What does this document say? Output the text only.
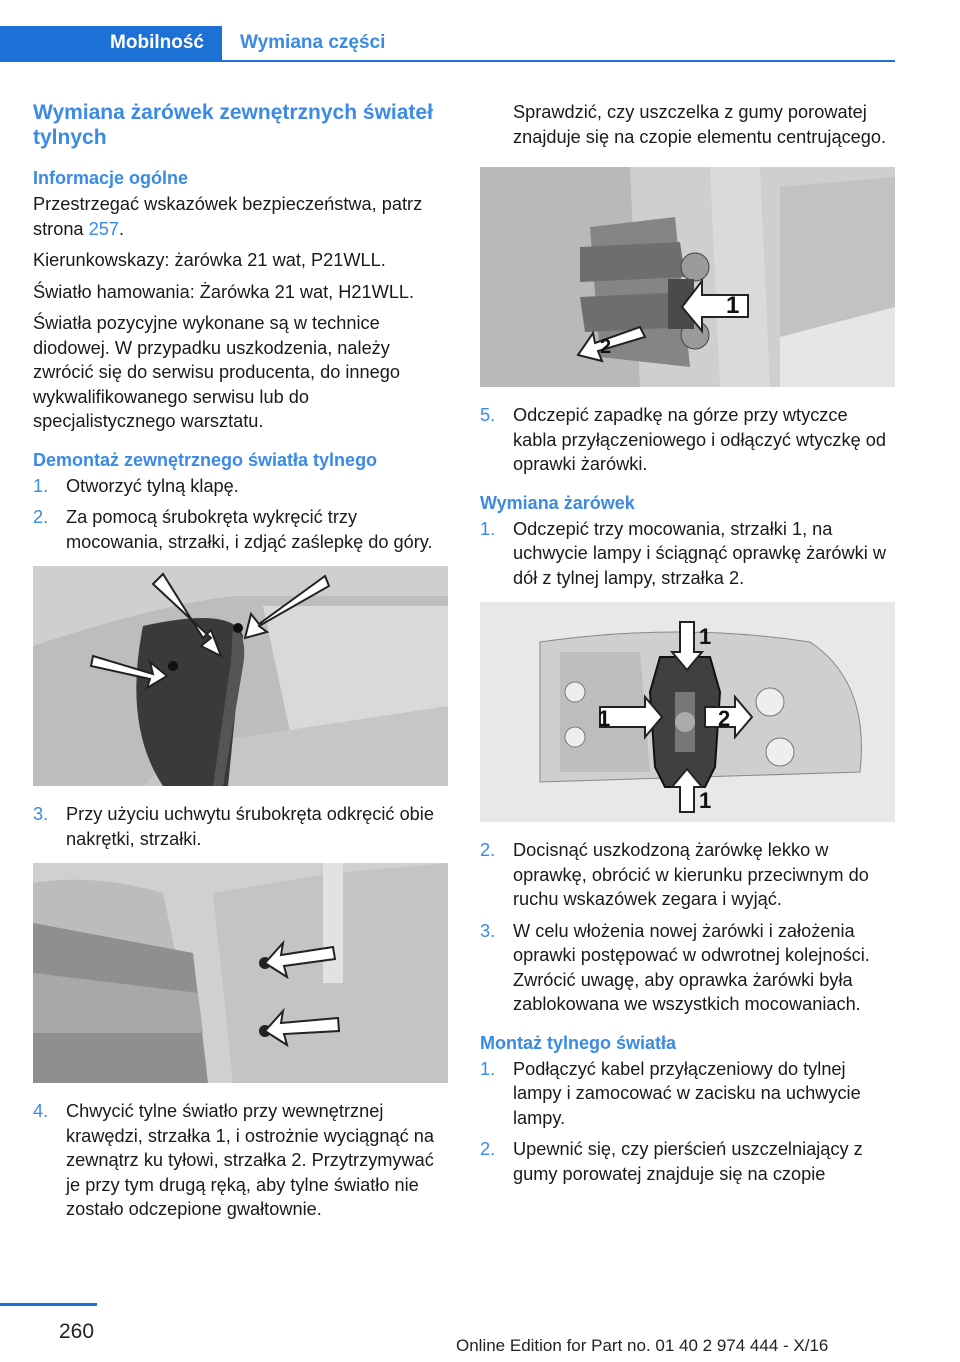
Mobilność	Wymiana części
Wymiana żarówek zewnętrznych świateł tylnych
Informacje ogólne
Przestrzegać wskazówek bezpieczeństwa, patrz strona 257.
Kierunkowskazy: żarówka 21 wat, P21WLL.
Światło hamowania: Żarówka 21 wat, H21WLL.
Światła pozycyjne wykonane są w technice diodowej. W przypadku uszkodzenia, należy zwrócić się do serwisu producenta, do innego wykwalifikowanego serwisu lub do specjalistycznego warsztatu.
Demontaż zewnętrznego światła tylnego
1. Otworzyć tylną klapę.
2. Za pomocą śrubokręta wykręcić trzy mocowania, strzałki, i zdjąć zaślepkę do góry.
3. Przy użyciu uchwytu śrubokręta odkręcić obie nakrętki, strzałki.
4. Chwycić tylne światło przy wewnętrznej krawędzi, strzałka 1, i ostrożnie wyciągnąć na zewnątrz ku tyłowi, strzałka 2. Przytrzymywać je przy tym drugą ręką, aby tylne światło nie zostało odczepione gwałtownie.
Sprawdzić, czy uszczelka z gumy porowatej znajduje się na czopie elementu centrującego.
1
2
5. Odczepić zapadkę na górze przy wtyczce kabla przyłączeniowego i odłączyć wtyczkę od oprawki żarówki.
Wymiana żarówek
1. Odczepić trzy mocowania, strzałki 1, na uchwycie lampy i ściągnąć oprawkę żarówki w dół z tylnej lampy, strzałka 2.
1
1	2
1
2. Docisnąć uszkodzoną żarówkę lekko w oprawkę, obrócić w kierunku przeciwnym do ruchu wskazówek zegara i wyjąć.
3. W celu włożenia nowej żarówki i założenia oprawki postępować w odwrotnej kolejności. Zwrócić uwagę, aby oprawka żarówki była zablokowana we wszystkich mocowaniach.
Montaż tylnego światła
1. Podłączyć kabel przyłączeniowy do tylnej lampy i zamocować w zacisku na uchwycie lampy.
2. Upewnić się, czy pierścień uszczelniający z gumy porowatej znajduje się na czopie
260
Online Edition for Part no. 01 40 2 974 444 - X/16
